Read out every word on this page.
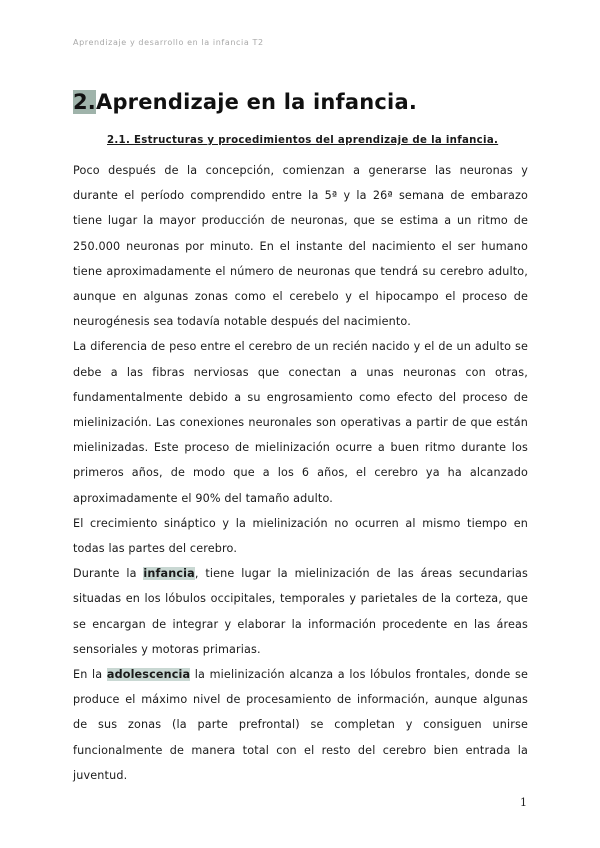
Aprendizaje y desarrollo en la infancia T2
2.Aprendizaje en la infancia.
2.1. Estructuras y procedimientos del aprendizaje de la infancia.

Poco después de la concepción, comienzan a generarse las neuronas y durante el período comprendido entre la 5ª y la 26ª semana de embarazo tiene lugar la mayor producción de neuronas, que se estima a un ritmo de 250.000 neuronas por minuto. En el instante del nacimiento el ser humano tiene aproximadamente el número de neuronas que tendrá su cerebro adulto, aunque en algunas zonas como el cerebelo y el hipocampo el proceso de neurogénesis sea todavía notable después del nacimiento.

La diferencia de peso entre el cerebro de un recién nacido y el de un adulto se debe a las fibras nerviosas que conectan a unas neuronas con otras, fundamentalmente debido a su engrosamiento como efecto del proceso de mielinización. Las conexiones neuronales son operativas a partir de que están mielinizadas. Este proceso de mielinización ocurre a buen ritmo durante los primeros años, de modo que a los 6 años, el cerebro ya ha alcanzado aproximadamente el 90% del tamaño adulto.

El crecimiento sináptico y la mielinización no ocurren al mismo tiempo en todas las partes del cerebro.

Durante la infancia, tiene lugar la mielinización de las áreas secundarias situadas en los lóbulos occipitales, temporales y parietales de la corteza, que se encargan de integrar y elaborar la información procedente en las áreas sensoriales y motoras primarias.

En la adolescencia la mielinización alcanza a los lóbulos frontales, donde se produce el máximo nivel de procesamiento de información, aunque algunas de sus zonas (la parte prefrontal) se completan y consiguen unirse funcionalmente de manera total con el resto del cerebro bien entrada la juventud.

1
